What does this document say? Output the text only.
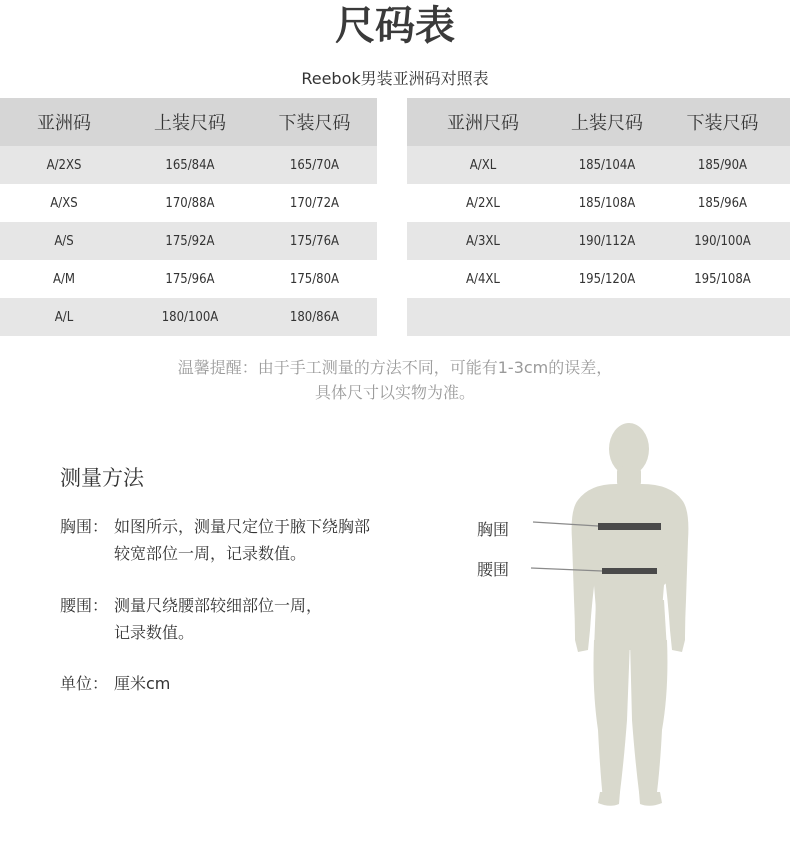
尺码表
Reebok男装亚洲码对照表
亚洲码	上装尺码	下装尺码
A/2XS	165/84A	165/70A
A/XS	170/88A	170/72A
A/S	175/92A	175/76A
A/M	175/96A	175/80A
A/L	180/100A	180/86A
亚洲尺码	上装尺码	下装尺码
A/XL	185/104A	185/90A
A/2XL	185/108A	185/96A
A/3XL	190/112A	190/100A
A/4XL	195/120A	195/108A

温馨提醒：由于手工测量的方法不同，可能有1-3cm的误差，
具体尺寸以实物为准。
测量方法
胸围： 如图所示，测量尺定位于腋下绕胸部
较宽部位一周，记录数值。
腰围： 测量尺绕腰部较细部位一周，
记录数值。
单位： 厘米cm
胸围
腰围
